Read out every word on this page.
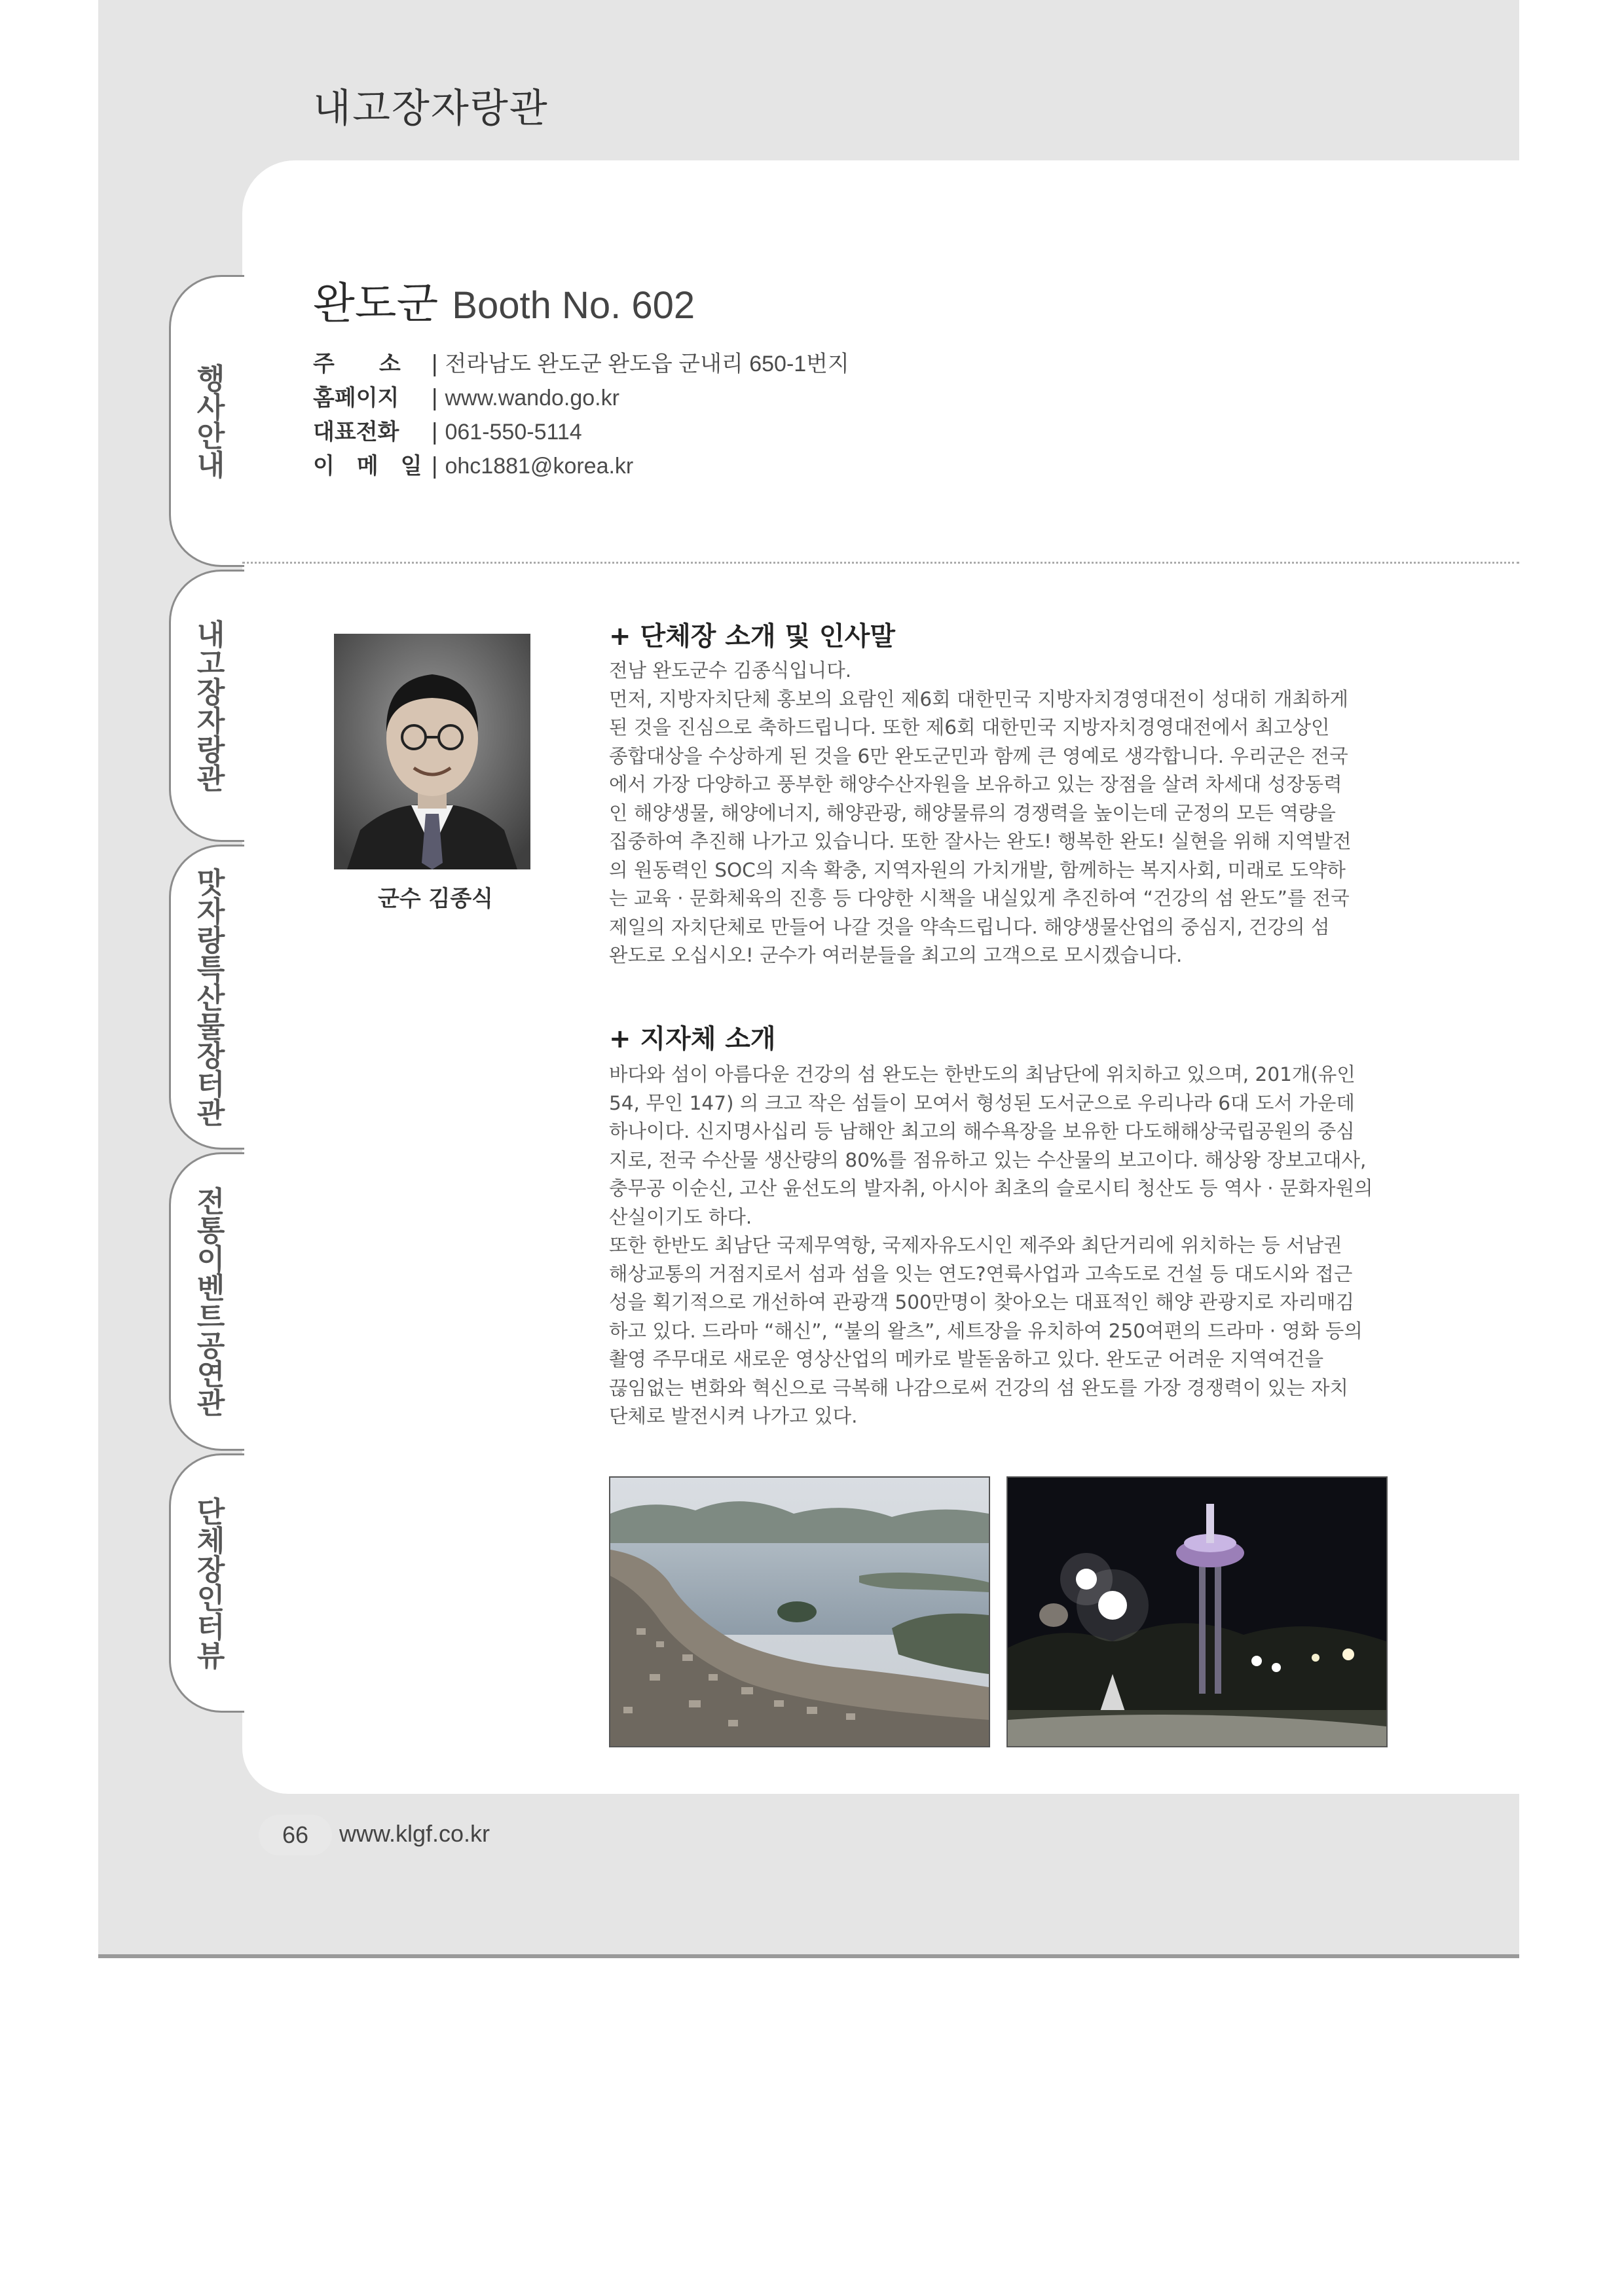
내고장자랑관
행사안내
내고장자랑관
맛자랑특산물장터관
전통이벤트공연관
단체장인터뷰
완도군 Booth No. 602
주　　소 | 전라남도 완도군 완도읍 군내리 650-1번지
홈페이지 | www.wando.go.kr
대표전화 | 061-550-5114
이　메　일 | ohc1881@korea.kr
군수 김종식
+ 단체장 소개 및 인사말
전남 완도군수 김종식입니다.
먼저, 지방자치단체 홍보의 요람인 제6회 대한민국 지방자치경영대전이 성대히 개최하게
된 것을 진심으로 축하드립니다. 또한 제6회 대한민국 지방자치경영대전에서 최고상인
종합대상을 수상하게 된 것을 6만 완도군민과 함께 큰 영예로 생각합니다. 우리군은 전국
에서 가장 다양하고 풍부한 해양수산자원을 보유하고 있는 장점을 살려 차세대 성장동력
인 해양생물, 해양에너지, 해양관광, 해양물류의 경쟁력을 높이는데 군정의 모든 역량을
집중하여 추진해 나가고 있습니다. 또한 잘사는 완도! 행복한 완도! 실현을 위해 지역발전
의 원동력인 SOC의 지속 확충, 지역자원의 가치개발, 함께하는 복지사회, 미래로 도약하
는 교육 · 문화체육의 진흥 등 다양한 시책을 내실있게 추진하여 “건강의 섬 완도”를 전국
제일의 자치단체로 만들어 나갈 것을 약속드립니다. 해양생물산업의 중심지, 건강의 섬
완도로 오십시오! 군수가 여러분들을 최고의 고객으로 모시겠습니다.
+ 지자체 소개
바다와 섬이 아름다운 건강의 섬 완도는 한반도의 최남단에 위치하고 있으며, 201개(유인
54, 무인 147) 의 크고 작은 섬들이 모여서 형성된 도서군으로 우리나라 6대 도서 가운데
하나이다. 신지명사십리 등 남해안 최고의 해수욕장을 보유한 다도해해상국립공원의 중심
지로, 전국 수산물 생산량의 80%를 점유하고 있는 수산물의 보고이다. 해상왕 장보고대사,
충무공 이순신, 고산 윤선도의 발자취, 아시아 최초의 슬로시티 청산도 등 역사 · 문화자원의
산실이기도 하다.
또한 한반도 최남단 국제무역항, 국제자유도시인 제주와 최단거리에 위치하는 등 서남권
해상교통의 거점지로서 섬과 섬을 잇는 연도?연륙사업과 고속도로 건설 등 대도시와 접근
성을 획기적으로 개선하여 관광객 500만명이 찾아오는 대표적인 해양 관광지로 자리매김
하고 있다. 드라마 “해신”, “불의 왈츠”, 세트장을 유치하여 250여편의 드라마 · 영화 등의
촬영 주무대로 새로운 영상산업의 메카로 발돋움하고 있다. 완도군 어려운 지역여건을
끊임없는 변화와 혁신으로 극복해 나감으로써 건강의 섬 완도를 가장 경쟁력이 있는 자치
단체로 발전시켜 나가고 있다.
66	www.klgf.co.kr
